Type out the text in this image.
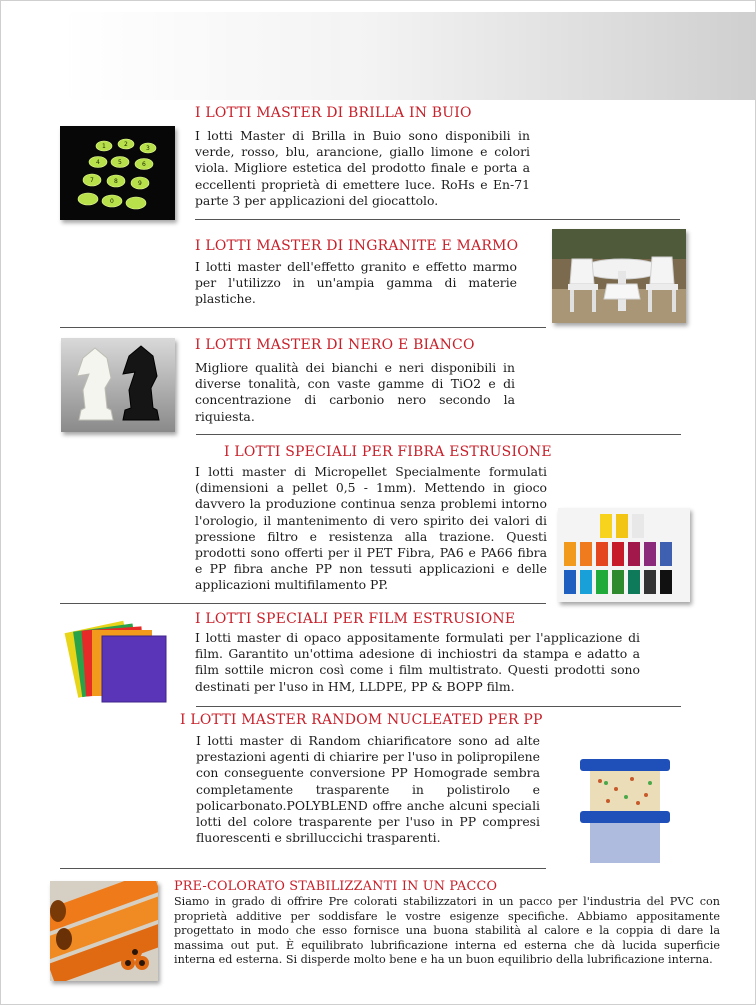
1	2
3
4	5	6
7	8	9
0
I LOTTI MASTER DI BRILLA IN BUIO
I lotti Master di Brilla in Buio sono disponibili in verde, rosso, blu, arancione, giallo limone e colori viola. Migliore estetica del prodotto finale e porta a eccellenti proprietà di emettere luce. RoHs e En-71 parte 3 per applicazioni del giocattolo.
I LOTTI MASTER DI INGRANITE E MARMO
I lotti master dell'effetto granito e effetto marmo per l'utilizzo in un'ampia gamma di materie plastiche.
I LOTTI MASTER DI NERO E BIANCO
Migliore qualità dei bianchi e neri disponibili in diverse tonalità, con vaste gamme di TiO2 e di concentrazione di carbonio nero secondo la riquiesta.
I LOTTI SPECIALI PER FIBRA ESTRUSIONE
I lotti master di Micropellet Specialmente formulati (dimensioni a pellet 0,5 - 1mm). Mettendo in gioco davvero la produzione continua senza problemi intorno l'orologio, il mantenimento di vero spirito dei valori di pressione filtro e resistenza alla trazione. Questi prodotti sono offerti per il PET Fibra, PA6 e PA66 fibra e PP fibra anche PP non tessuti applicazioni e delle applicazioni multifilamento PP.
I LOTTI SPECIALI PER FILM ESTRUSIONE
I lotti master di opaco appositamente formulati per l'applicazione di film. Garantito un'ottima adesione di inchiostri da stampa e adatto a film sottile micron così come i film multistrato. Questi prodotti sono destinati per l'uso in HM, LLDPE, PP & BOPP film.
I LOTTI MASTER RANDOM NUCLEATED PER PP
I lotti master di Random chiarificatore sono ad alte prestazioni agenti di chiarire per l'uso in polipropilene con conseguente conversione PP Homograde sembra completamente trasparente in polistirolo e policarbonato.POLYBLEND offre anche alcuni speciali lotti del colore trasparente per l'uso in PP compresi fluorescenti e sbrilluccichi trasparenti.
PRE-COLORATO STABILIZZANTI IN UN PACCO
Siamo in grado di offrire Pre colorati stabilizzatori in un pacco per l'industria del PVC con proprietà additive per soddisfare le vostre esigenze specifiche. Abbiamo appositamente progettato in modo che esso fornisce una buona stabilità al calore e la coppia di dare la massima out put. È equilibrato lubrificazione interna ed esterna che dà lucida superficie interna ed esterna. Si disperde molto bene e ha un buon equilibrio della lubrificazione interna.
